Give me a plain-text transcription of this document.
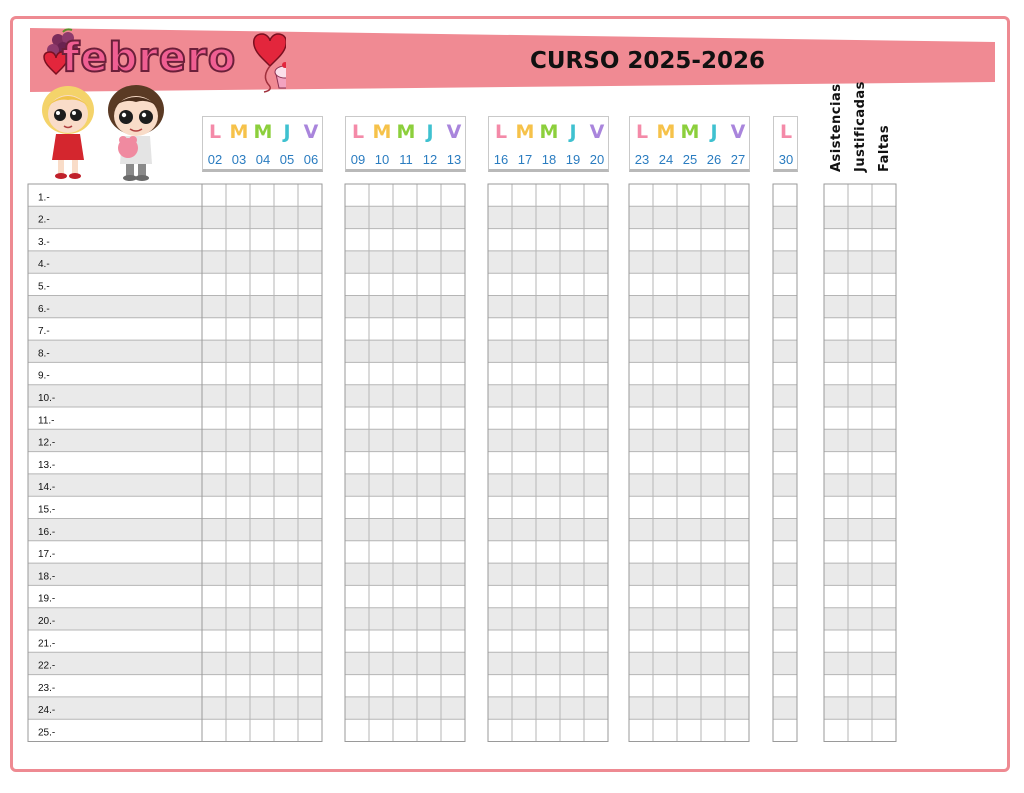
febrero	CURSO 2025-2026
L
02
M
03
M
04
J
05
V
06
L
09
M
10
M
11
J
12
V
13
L
16
M
17
M
18
J
19
V
20
L
23
M
24
M
25
J
26
V
27
L
30	Asistencias Justificadas Faltas
1.-
2.-
3.-
4.-
5.-
6.-
7.-
8.-
9.-
10.-
11.-
12.-
13.-
14.-
15.-
16.-
17.-
18.-
19.-
20.-
21.-
22.-
23.-
24.-
25.-
